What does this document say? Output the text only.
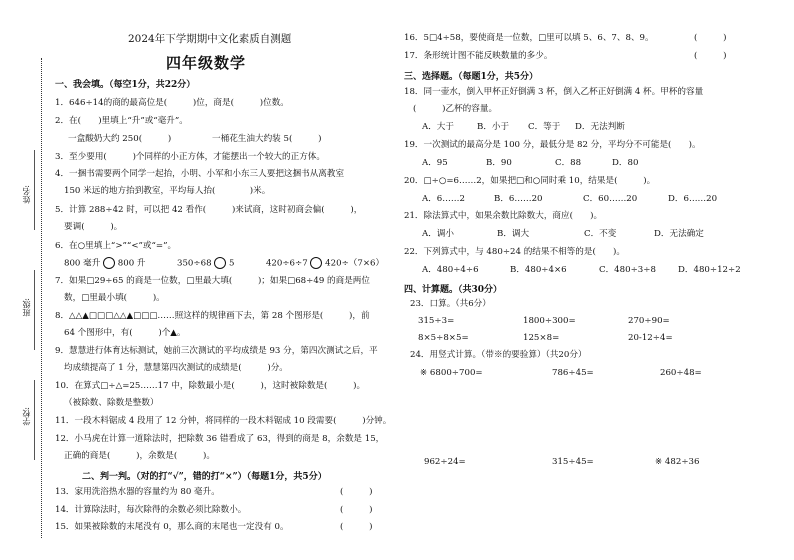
姓名:
班级:
学校:
2024年下学期期中文化素质自测题
四年级数学
一、我会填。（每空1分，共22分）
1．646÷14的商的最高位是(　　　)位，商是(　　　)位数。
2．在(　　)里填上“升”或“毫升”。
一盒酸奶大约 250(　　　)	一桶花生油大约装 5(　　　)
3．至少要用(　　　)个同样的小正方体，才能摆出一个较大的正方体。
4．一捆书需要两个同学一起抬，小明、小军和小东三人要把这捆书从离教室
150 米远的地方抬到教室，平均每人抬(　　　　)米。
5．计算 288÷42 时，可以把 42 看作(　　　)来试商，这时初商会偏(　　　)，
要调(　　　)。
6．在○里填上“>”“<”或“=”。
800 毫升 800 升	350÷68 5	420÷6÷7 420÷（7×6）
7．如果□29÷65 的商是一位数，□里最大填(　　　)；如果□68÷49 的商是两位
数，□里最小填(　　　)。
8．△△▲□□□△△▲□□□……照这样的规律画下去，第 28 个图形是(　　　)，前
64 个图形中，有(　　　)个▲。
9．慧慧进行体育达标测试，她前三次测试的平均成绩是 93 分，第四次测试之后，平
均成绩提高了 1 分，慧慧第四次测试的成绩是(　　　)分。
10．在算式□÷△=25……17 中，除数最小是(　　　)，这时被除数是(　　　)。
（被除数、除数是整数）
11．一段木料锯成 4 段用了 12 分钟，将同样的一段木料锯成 10 段需要(　　　)分钟。
12．小马虎在计算一道除法时，把除数 36 错看成了 63，得到的商是 8，余数是 15，
正确的商是(　　　)，余数是(　　　)。
二、判一判。（对的打“√”，错的打“×”）（每题1分，共5分）
13．家用洗浴热水器的容量约为 80 毫升。	(　　　)
14．计算除法时，每次除得的余数必须比除数小。	(　　　)
15．如果被除数的末尾没有 0，那么商的末尾也一定没有 0。	(　　　)
16．5□4÷58，要使商是一位数，□里可以填 5、6、7、8、9。	(　　　)
17．条形统计图不能反映数量的多少。	(　　　)
三、选择题。（每题1分，共5分）
18．同一壶水，倒入甲杯正好倒满 3 杯，倒入乙杯正好倒满 4 杯。甲杯的容量
(　　　)乙杯的容量。
A．大于	B．小于 C．等于 D．无法判断
19．一次测试的最高分是 100 分，最低分是 82 分，平均分不可能是(　　)。
A．95	B．90	C．88	D．80
20．□÷○=6……2，如果把□和○同时乘 10，结果是(　　　)。
A．6……2	B．6……20	C．60……20	D．6……20
21．除法算式中，如果余数比除数大，商应(　　)。
A．调小	B．调大	C．不变	D．无法确定
22．下列算式中，与 480÷24 的结果不相等的是(　　)。
A．480÷4÷6	B．480÷4×6	C．480÷3÷8	D．480÷12÷2
四、计算题。（共30分）
23．口算。（共6分）
315÷3=	1800÷300=	270÷90=
8×5÷8×5=	125×8=	20-12÷4=
24．用竖式计算。（带※的要验算）（共20分）
※ 6800÷700=	786÷45=	260÷48=
962÷24=	315÷45=	※ 482÷36
